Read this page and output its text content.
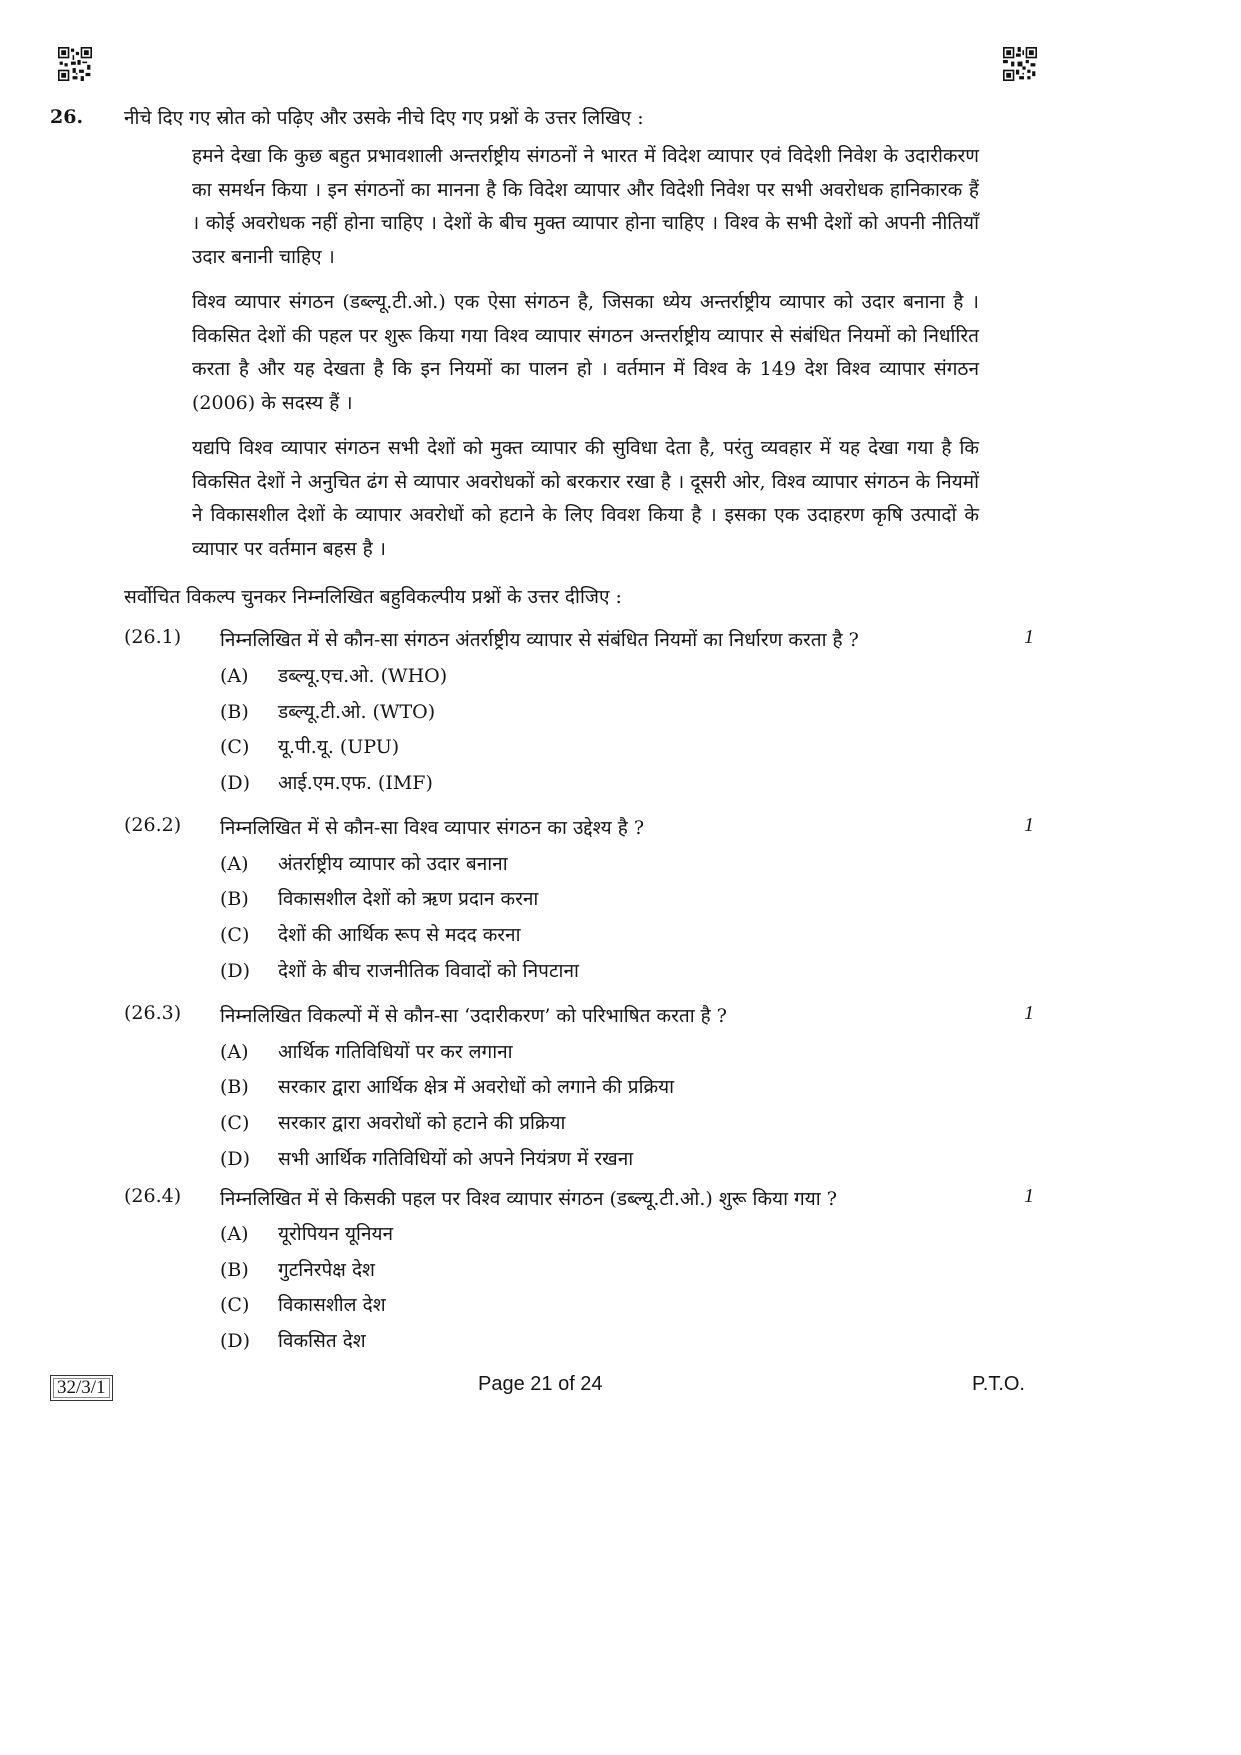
26. नीचे दिए गए स्रोत को पढ़िए और उसके नीचे दिए गए प्रश्नों के उत्तर लिखिए :

हमने देखा कि कुछ बहुत प्रभावशाली अन्तर्राष्ट्रीय संगठनों ने भारत में विदेश व्यापार एवं विदेशी निवेश के उदारीकरण का समर्थन किया । इन संगठनों का मानना है कि विदेश व्यापार और विदेशी निवेश पर सभी अवरोधक हानिकारक हैं । कोई अवरोधक नहीं होना चाहिए । देशों के बीच मुक्त व्यापार होना चाहिए । विश्व के सभी देशों को अपनी नीतियाँ उदार बनानी चाहिए ।

विश्व व्यापार संगठन (डब्ल्यू.टी.ओ.) एक ऐसा संगठन है, जिसका ध्येय अन्तर्राष्ट्रीय व्यापार को उदार बनाना है । विकसित देशों की पहल पर शुरू किया गया विश्व व्यापार संगठन अन्तर्राष्ट्रीय व्यापार से संबंधित नियमों को निर्धारित करता है और यह देखता है कि इन नियमों का पालन हो । वर्तमान में विश्व के 149 देश विश्व व्यापार संगठन (2006) के सदस्य हैं ।

यद्यपि विश्व व्यापार संगठन सभी देशों को मुक्त व्यापार की सुविधा देता है, परंतु व्यवहार में यह देखा गया है कि विकसित देशों ने अनुचित ढंग से व्यापार अवरोधकों को बरकरार रखा है । दूसरी ओर, विश्व व्यापार संगठन के नियमों ने विकासशील देशों के व्यापार अवरोधों को हटाने के लिए विवश किया है । इसका एक उदाहरण कृषि उत्पादों के व्यापार पर वर्तमान बहस है ।

सर्वोचित विकल्प चुनकर निम्नलिखित बहुविकल्पीय प्रश्नों के उत्तर दीजिए :
(26.1) निम्नलिखित में से कौन-सा संगठन अंतर्राष्ट्रीय व्यापार से संबंधित नियमों का निर्धारण करता है ?	1
(A) डब्ल्यू.एच.ओ. (WHO)
(B) डब्ल्यू.टी.ओ. (WTO)
(C) यू.पी.यू. (UPU)
(D) आई.एम.एफ. (IMF)
(26.2) निम्नलिखित में से कौन-सा विश्व व्यापार संगठन का उद्देश्य है ?	1
(A) अंतर्राष्ट्रीय व्यापार को उदार बनाना
(B) विकासशील देशों को ऋण प्रदान करना
(C) देशों की आर्थिक रूप से मदद करना
(D) देशों के बीच राजनीतिक विवादों को निपटाना
(26.3) निम्नलिखित विकल्पों में से कौन-सा ‘उदारीकरण’ को परिभाषित करता है ?	1
(A) आर्थिक गतिविधियों पर कर लगाना
(B) सरकार द्वारा आर्थिक क्षेत्र में अवरोधों को लगाने की प्रक्रिया
(C) सरकार द्वारा अवरोधों को हटाने की प्रक्रिया
(D) सभी आर्थिक गतिविधियों को अपने नियंत्रण में रखना
(26.4) निम्नलिखित में से किसकी पहल पर विश्व व्यापार संगठन (डब्ल्यू.टी.ओ.) शुरू किया गया ?	1
(A) यूरोपियन यूनियन
(B) गुटनिरपेक्ष देश
(C) विकासशील देश
(D) विकसित देश
32/3/1	Page 21 of 24	P.T.O.
